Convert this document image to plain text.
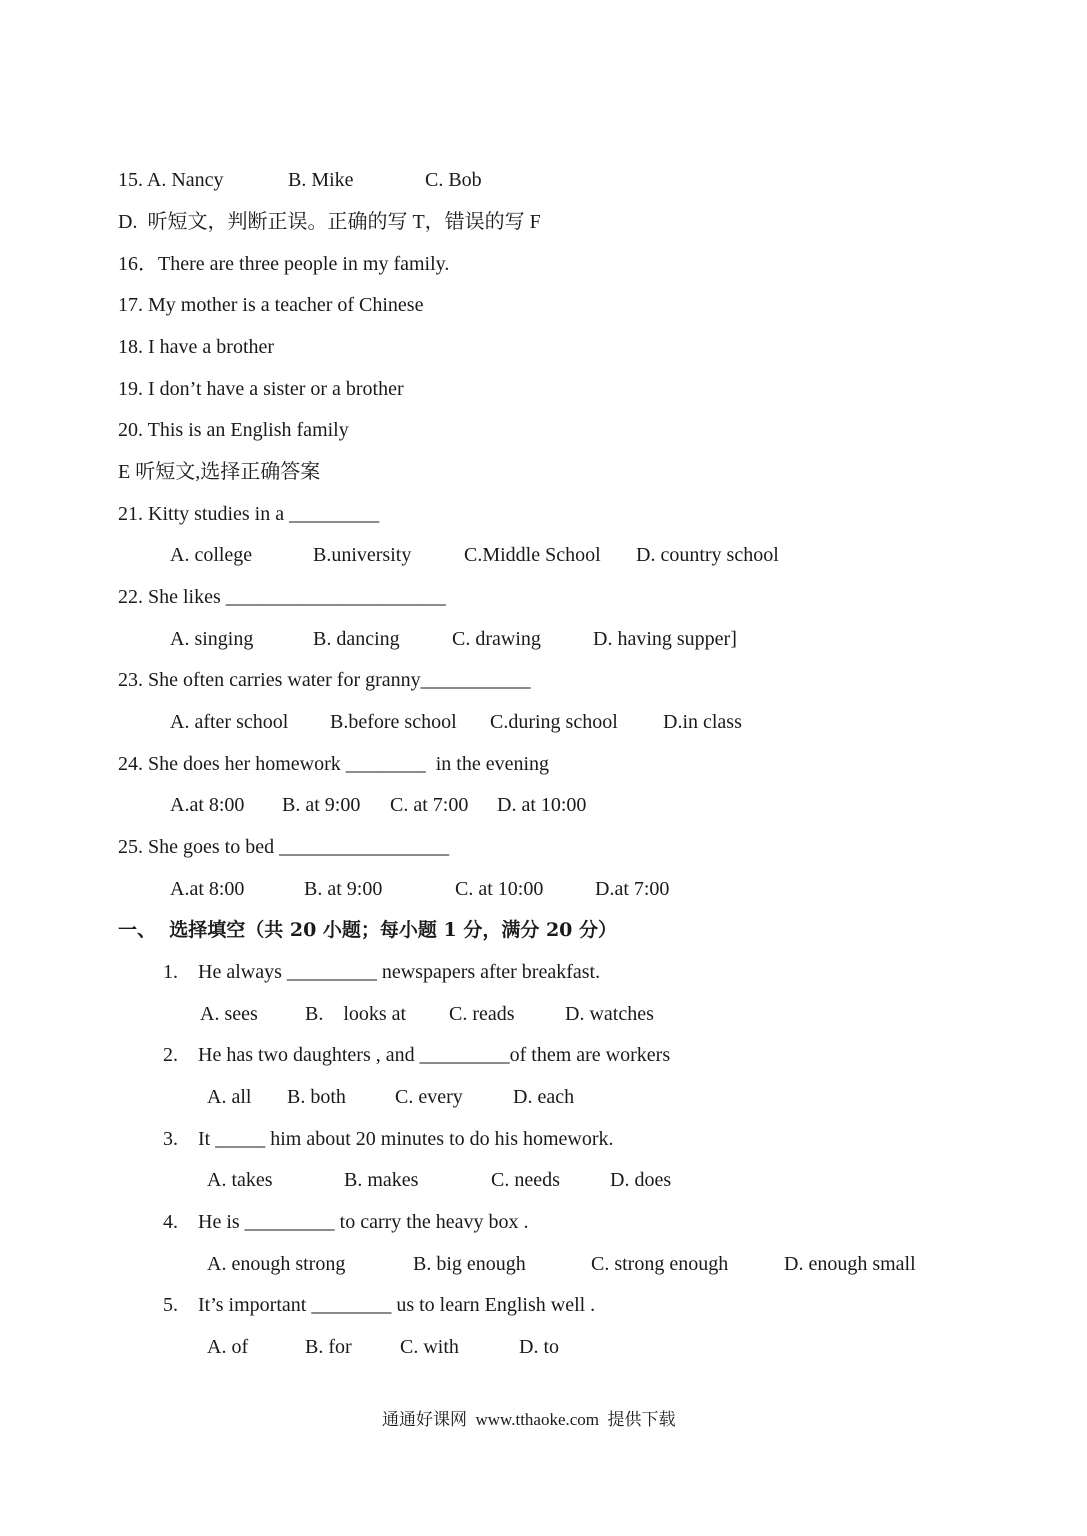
15. A. Nancy	B. Mike	C. Bob
D.  听短文，判断正误。正确的写 T，错误的写 F
16．There are three people in my family.
17. My mother is a teacher of Chinese
18. I have a brother
19. I don’t have a sister or a brother
20. This is an English family
E 听短文,选择正确答案
21. Kitty studies in a _________
A. college	B.university	C.Middle School D. country school
22. She likes ______________________
A. singing	B. dancing	C. drawing	D. having supper]
23. She often carries water for granny___________
A. after school B.before school C.during school D.in class
24. She does her homework ________  in the evening
A.at 8:00 B. at 9:00 C. at 7:00 D. at 10:00
25. She goes to bed _________________
A.at 8:00	B. at 9:00	C. at 10:00	D.at 7:00
一、  选择填空（共 20 小题；每小题 1 分，满分 20 分）
1.    He always _________ newspapers after breakfast.
A. sees B.    looks at C. reads	D. watches
2.    He has two daughters , and _________of them are workers
A. all B. both C. every	D. each
3.    It _____ him about 20 minutes to do his homework.
A. takes	B. makes	C. needs	D. does
4.    He is _________ to carry the heavy box .
A. enough strong	B. big enough	C. strong enough	D. enough small
5.    It’s important ________ us to learn English well .
A. of	B. for C. with	D. to
通通好课网  www.tthaoke.com  提供下载
